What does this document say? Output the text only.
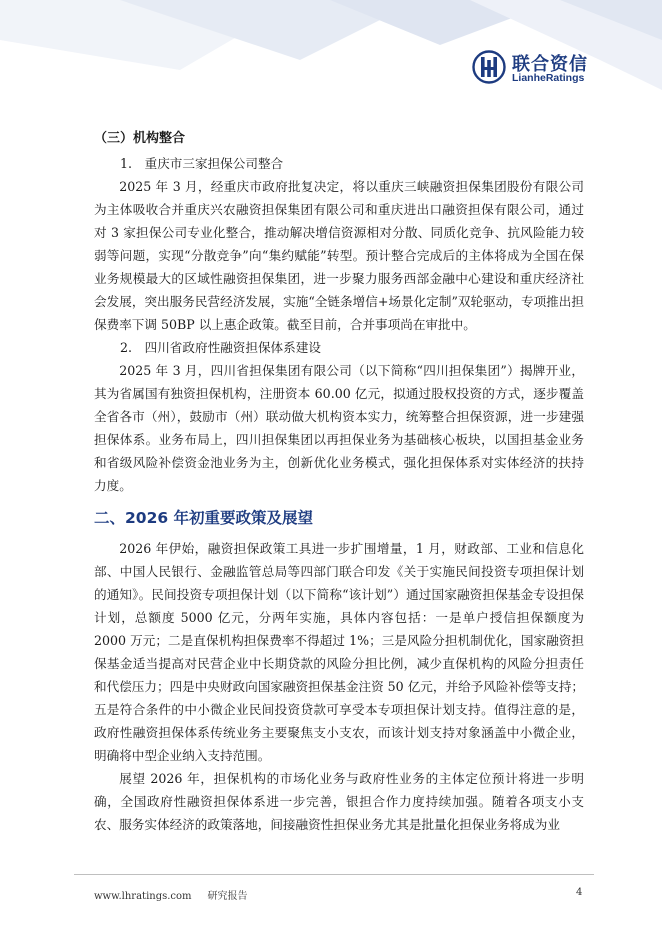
联合资信
LianheRatings
（三）机构整合
1.　重庆市三家担保公司整合

2025 年 3 月，经重庆市政府批复决定，将以重庆三峡融资担保集团股份有限公司为主体吸收合并重庆兴农融资担保集团有限公司和重庆进出口融资担保有限公司，通过对 3 家担保公司专业化整合，推动解决增信资源相对分散、同质化竞争、抗风险能力较弱等问题，实现“分散竞争”向“集约赋能”转型。预计整合完成后的主体将成为全国在保业务规模最大的区域性融资担保集团，进一步聚力服务西部金融中心建设和重庆经济社会发展，突出服务民营经济发展，实施“全链条增信+场景化定制”双轮驱动，专项推出担保费率下调 50BP 以上惠企政策。截至目前，合并事项尚在审批中。

2.　四川省政府性融资担保体系建设

2025 年 3 月，四川省担保集团有限公司（以下简称“四川担保集团”）揭牌开业，其为省属国有独资担保机构，注册资本 60.00 亿元，拟通过股权投资的方式，逐步覆盖全省各市（州），鼓励市（州）联动做大机构资本实力，统筹整合担保资源，进一步建强担保体系。业务布局上，四川担保集团以再担保业务为基础核心板块，以国担基金业务和省级风险补偿资金池业务为主，创新优化业务模式，强化担保体系对实体经济的扶持力度。

二、2026 年初重要政策及展望

2026 年伊始，融资担保政策工具进一步扩围增量，1 月，财政部、工业和信息化部、中国人民银行、金融监管总局等四部门联合印发《关于实施民间投资专项担保计划的通知》。民间投资专项担保计划（以下简称“该计划”）通过国家融资担保基金专设担保计划，总额度 5000 亿元，分两年实施，具体内容包括：一是单户授信担保额度为 2000 万元；二是直保机构担保费率不得超过 1%；三是风险分担机制优化，国家融资担保基金适当提高对民营企业中长期贷款的风险分担比例，减少直保机构的风险分担责任和代偿压力；四是中央财政向国家融资担保基金注资 50 亿元，并给予风险补偿等支持；五是符合条件的中小微企业民间投资贷款可享受本专项担保计划支持。值得注意的是，政府性融资担保体系传统业务主要聚焦支小支农，而该计划支持对象涵盖中小微企业，明确将中型企业纳入支持范围。

展望 2026 年，担保机构的市场化业务与政府性业务的主体定位预计将进一步明确，全国政府性融资担保体系进一步完善，银担合作力度持续加强。随着各项支小支农、服务实体经济的政策落地，间接融资性担保业务尤其是批量化担保业务将成为业

www.lhratings.com 研究报告	4
